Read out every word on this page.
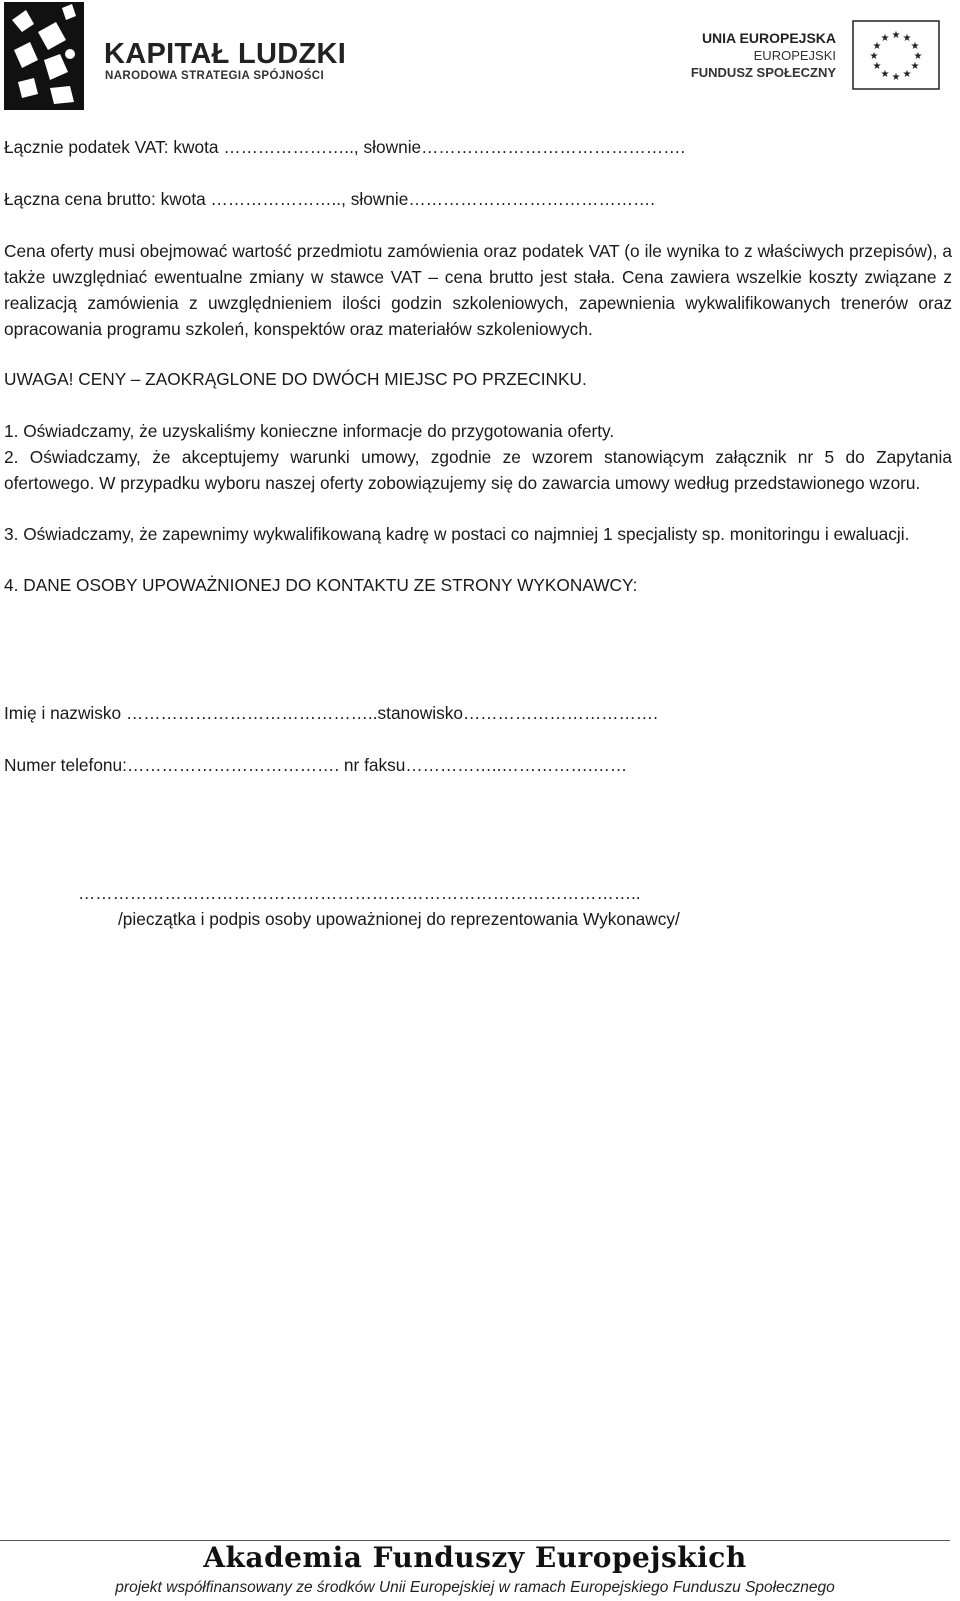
KAPITAŁ LUDZKI
NARODOWA STRATEGIA SPÓJNOŚCI
UNIA EUROPEJSKA
EUROPEJSKI
FUNDUSZ SPOŁECZNY
★ ★
★
★
★
★
★
★
★
★
★
★
Łącznie podatek VAT: kwota ………………….., słownie……………………………………….
Łączna cena brutto: kwota ………………….., słownie…………………………………….

Cena oferty musi obejmować wartość przedmiotu zamówienia oraz podatek VAT (o ile wynika to z właściwych przepisów), a także uwzględniać ewentualne zmiany w stawce VAT – cena brutto jest stała. Cena zawiera wszelkie koszty związane z realizacją zamówienia z uwzględnieniem ilości godzin szkoleniowych, zapewnienia wykwalifikowanych trenerów oraz opracowania programu szkoleń, konspektów oraz materiałów szkoleniowych.

UWAGA! CENY – ZAOKRĄGLONE DO DWÓCH MIEJSC PO PRZECINKU.
1. Oświadczamy, że uzyskaliśmy konieczne informacje do przygotowania oferty.

2. Oświadczamy, że akceptujemy warunki umowy, zgodnie ze wzorem stanowiącym załącznik nr 5 do Zapytania ofertowego. W przypadku wyboru naszej oferty zobowiązujemy się do zawarcia umowy według przedstawionego wzoru.

3. Oświadczamy, że zapewnimy wykwalifikowaną kadrę w postaci co najmniej 1 specjalisty sp. monitoringu i ewaluacji.

4. DANE OSOBY UPOWAŻNIONEJ DO KONTAKTU ZE STRONY WYKONAWCY:
Imię i nazwisko ……………………………………..stanowisko…………………………….
Numer telefonu:………………………………. nr faksu……………..…………….……
……………………………………………………………………………………..
/pieczątka i podpis osoby upoważnionej do reprezentowania Wykonawcy/
Akademia Funduszy Europejskich
projekt współfinansowany ze środków Unii Europejskiej w ramach Europejskiego Funduszu Społecznego
